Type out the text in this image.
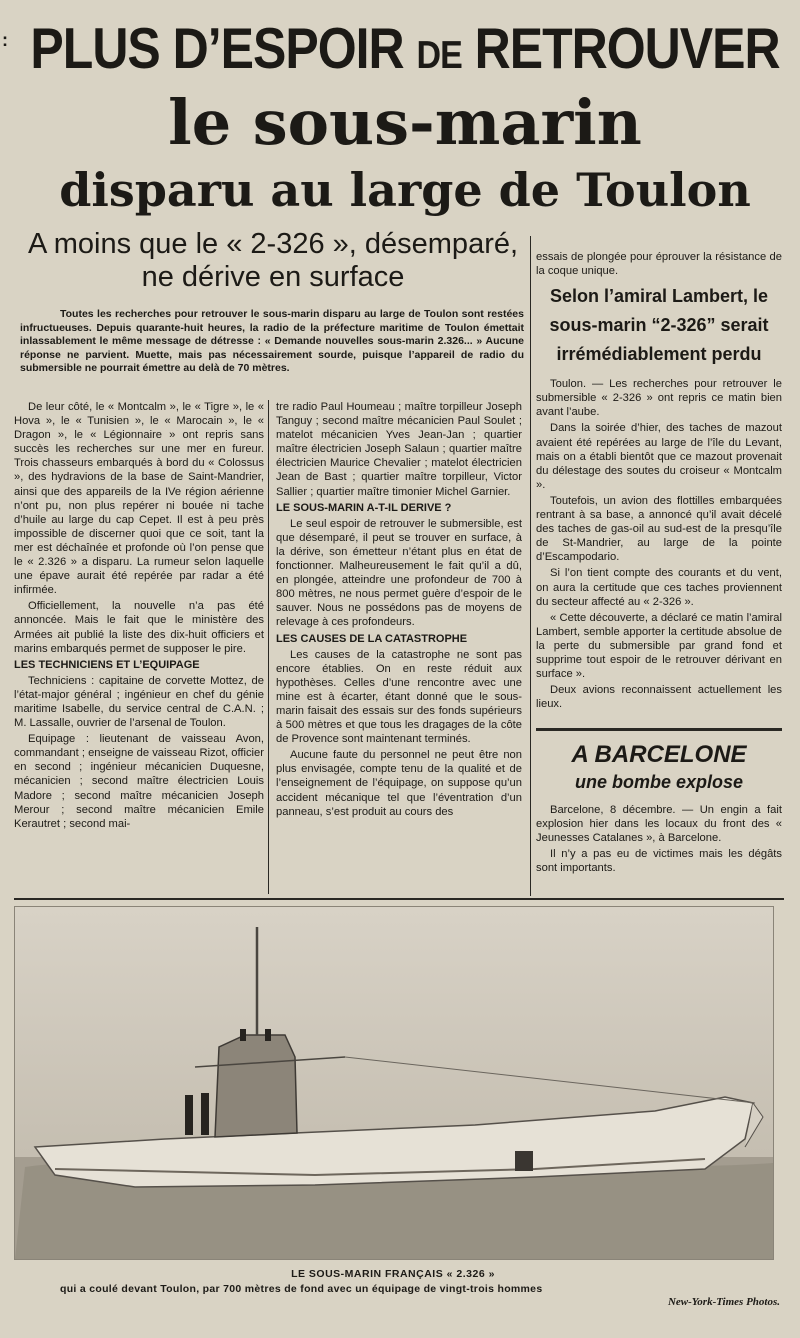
: PLUS D’ESPOIR DE RETROUVER
le sous-marin
disparu au large de Toulon
A moins que le « 2-326 », désemparé, ne dérive en surface
Toutes les recherches pour retrouver le sous-marin disparu au large de Toulon sont restées infructueuses. Depuis quarante-huit heures, la radio de la préfecture maritime de Toulon émettait inlassablement le même message de détresse : « Demande nouvelles sous-marin 2.326... » Aucune réponse ne parvient. Muette, mais pas nécessairement sourde, puisque l’appareil de radio du submersible ne pourrait émettre au delà de 70 mètres.

De leur côté, le « Montcalm », le « Tigre », le « Hova », le « Tunisien », le « Marocain », le « Dragon », le « Légionnaire » ont repris sans succès les recherches sur une mer en fureur. Trois chasseurs embarqués à bord du « Colossus », des hydravions de la base de Saint-Mandrier, ainsi que des appareils de la IVe région aérienne n’ont pu, non plus repérer ni bouée ni tache d’huile au large du cap Cepet. Il est à peu près impossible de discerner quoi que ce soit, tant la mer est déchaînée et profonde où l’on pense que le « 2.326 » a disparu. La rumeur selon laquelle une épave aurait été repérée par radar a été infirmée.

Officiellement, la nouvelle n’a pas été annoncée. Mais le fait que le ministère des Armées ait publié la liste des dix-huit officiers et marins embarqués permet de supposer le pire.

LES TECHNICIENS ET L’EQUIPAGE

Techniciens : capitaine de corvette Mottez, de l’état-major général ; ingénieur en chef du génie maritime Isabelle, du service central de C.A.N. ; M. Lassalle, ouvrier de l’arsenal de Toulon.

Equipage : lieutenant de vaisseau Avon, commandant ; enseigne de vaisseau Rizot, officier en second ; ingénieur mécanicien Duquesne, mécanicien ; second maître électricien Louis Madore ; second maître mécanicien Joseph Merour ; second maître mécanicien Emile Kerautret ; second mai-

tre radio Paul Houmeau ; maître torpilleur Joseph Tanguy ; second maître mécanicien Paul Soulet ; matelot mécanicien Yves Jean-Jan ; quartier maître électricien Joseph Salaun ; quartier maître électricien Maurice Chevalier ; matelot électricien Jean de Bast ; quartier maître torpilleur, Victor Sallier ; quartier maître timonier Michel Garnier.

LE SOUS-MARIN A-T-IL DERIVE ?

Le seul espoir de retrouver le submersible, est que désemparé, il peut se trouver en surface, à la dérive, son émetteur n’étant plus en état de fonctionner. Malheureusement le fait qu’il a dû, en plongée, atteindre une profondeur de 700 à 800 mètres, ne nous permet guère d’espoir de le sauver. Nous ne possédons pas de moyens de relevage à ces profondeurs.

LES CAUSES DE LA CATASTROPHE

Les causes de la catastrophe ne sont pas encore établies. On en reste réduit aux hypothèses. Celles d’une rencontre avec une mine est à écarter, étant donné que le sous-marin faisait des essais sur des fonds supérieurs à 500 mètres et que tous les dragages de la côte de Provence sont maintenant terminés.

Aucune faute du personnel ne peut être non plus envisagée, compte tenu de la qualité et de l’enseignement de l’équipage, on suppose qu’un accident mécanique tel que l’éventration d’un panneau, s’est produit au cours des

essais de plongée pour éprouver la résistance de la coque unique.

Selon l’amiral Lambert, le sous-marin “2-326” serait irrémédiablement perdu

Toulon. — Les recherches pour retrouver le submersible « 2-326 » ont repris ce matin bien avant l’aube.

Dans la soirée d’hier, des taches de mazout avaient été repérées au large de l’île du Levant, mais on a établi bientôt que ce mazout provenait du délestage des soutes du croiseur « Montcalm ».

Toutefois, un avion des flottilles embarquées rentrant à sa base, a annoncé qu’il avait décelé des taches de gas-oil au sud-est de la presqu’île de St-Mandrier, au large de la pointe d’Escampodario.

Si l’on tient compte des courants et du vent, on aura la certitude que ces taches proviennent du secteur affecté au « 2-326 ».

« Cette découverte, a déclaré ce matin l’amiral Lambert, semble apporter la certitude absolue de la perte du submersible par grand fond et supprime tout espoir de le retrouver dérivant en surface ».

Deux avions reconnaissent actuellement les lieux.

A BARCELONE
une bombe explose

Barcelone, 8 décembre. — Un engin a fait explosion hier dans les locaux du front des « Jeunesses Catalanes », à Barcelone.

Il n’y a pas eu de victimes mais les dégâts sont importants.

LE SOUS-MARIN FRANÇAIS « 2.326 »
qui a coulé devant Toulon, par 700 mètres de fond avec un équipage de vingt-trois hommes
New-York-Times Photos.
